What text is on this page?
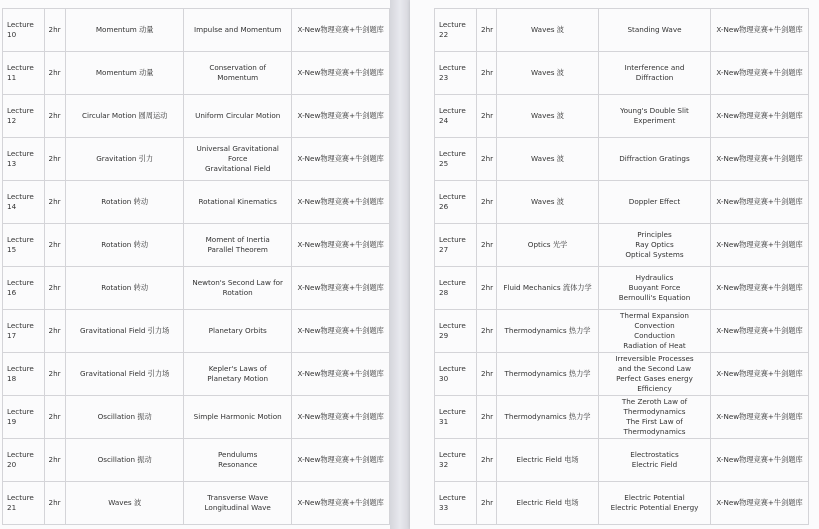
Lecture 10	2hr	Momentum 动量	Impulse and Momentum	X-New物理竞赛+牛剑题库
Lecture 11	2hr	Momentum 动量	Conservation of
Momentum	X-New物理竞赛+牛剑题库
Lecture 12	2hr	Circular Motion 圆周运动	Uniform Circular Motion	X-New物理竞赛+牛剑题库
Lecture 13	2hr	Gravitation 引力	Universal Gravitational
Force
Gravitational Field	X-New物理竞赛+牛剑题库
Lecture 14	2hr	Rotation 转动	Rotational Kinematics	X-New物理竞赛+牛剑题库
Lecture 15	2hr	Rotation 转动	Moment of Inertia
Parallel Theorem	X-New物理竞赛+牛剑题库
Lecture 16	2hr	Rotation 转动	Newton's Second Law for
Rotation	X-New物理竞赛+牛剑题库
Lecture 17	2hr	Gravitational Field 引力场	Planetary Orbits	X-New物理竞赛+牛剑题库
Lecture 18	2hr	Gravitational Field 引力场	Kepler's Laws of
Planetary Motion	X-New物理竞赛+牛剑题库
Lecture 19	2hr	Oscillation 振动	Simple Harmonic Motion	X-New物理竞赛+牛剑题库
Lecture 20	2hr	Oscillation 振动	Pendulums
Resonance	X-New物理竞赛+牛剑题库
Lecture 21	2hr	Waves 波	Transverse Wave
Longitudinal Wave	X-New物理竞赛+牛剑题库
Lecture 22	2hr	Waves 波	Standing Wave	X-New物理竞赛+牛剑题库
Lecture 23	2hr	Waves 波	Interference and
Diffraction	X-New物理竞赛+牛剑题库
Lecture 24	2hr	Waves 波	Young's Double Slit
Experiment	X-New物理竞赛+牛剑题库
Lecture 25	2hr	Waves 波	Diffraction Gratings	X-New物理竞赛+牛剑题库
Lecture 26	2hr	Waves 波	Doppler Effect	X-New物理竞赛+牛剑题库
Lecture 27	2hr	Optics 光学	Principles
Ray Optics
Optical Systems	X-New物理竞赛+牛剑题库
Lecture 28	2hr	Fluid Mechanics 流体力学	Hydraulics
Buoyant Force
Bernoulli's Equation	X-New物理竞赛+牛剑题库
Lecture 29	2hr	Thermodynamics 热力学	Thermal Expansion
Convection
Conduction
Radiation of Heat	X-New物理竞赛+牛剑题库
Lecture 30	2hr	Thermodynamics 热力学	Irreversible Processes
and the Second Law
Perfect Gases energy
Efficiency	X-New物理竞赛+牛剑题库
Lecture 31	2hr	Thermodynamics 热力学	The Zeroth Law of
Thermodynamics
The First Law of
Thermodynamics	X-New物理竞赛+牛剑题库
Lecture 32	2hr	Electric Field 电场	Electrostatics
Electric Field	X-New物理竞赛+牛剑题库
Lecture 33	2hr	Electric Field 电场	Electric Potential
Electric Potential Energy	X-New物理竞赛+牛剑题库
